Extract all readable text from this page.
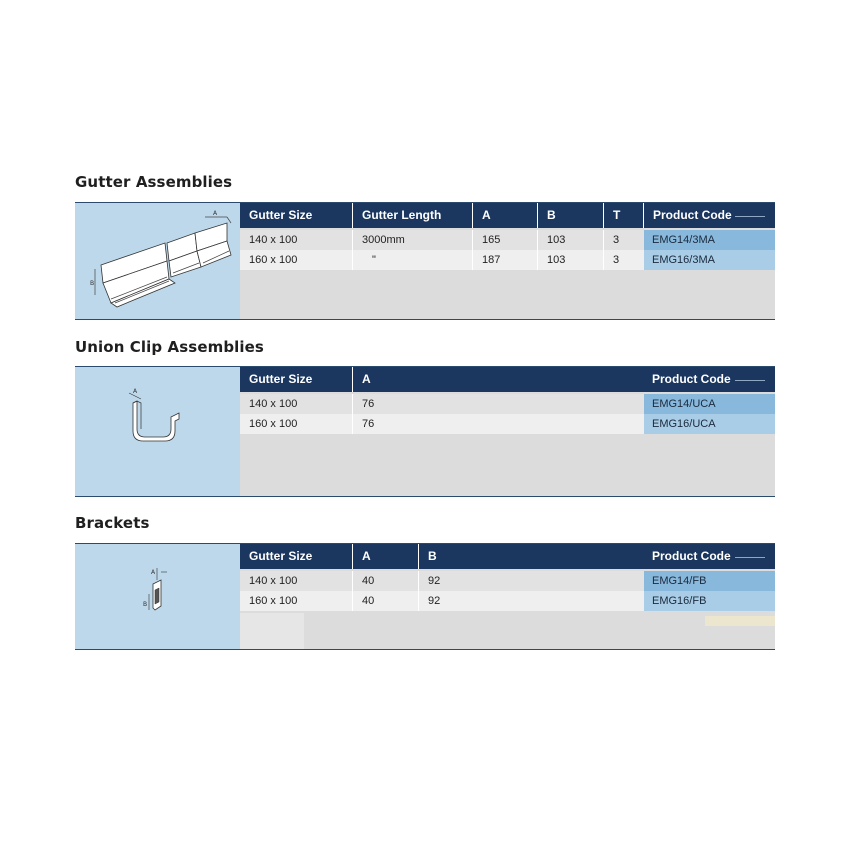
Gutter Assemblies
B
A	Gutter Size	Gutter Length	A	B	T	Product Code
140 x 100	3000mm	165	103	3	EMG14/3MA
160 x 100	"	187	103	3	EMG16/3MA
Union Clip Assemblies
A
Gutter Size	A	Product Code
140 x 100	76	EMG14/UCA
160 x 100	76	EMG16/UCA
Brackets
A
B
Gutter Size	A	B	Product Code
140 x 100	40	92	EMG14/FB
160 x 100	40	92	EMG16/FB
